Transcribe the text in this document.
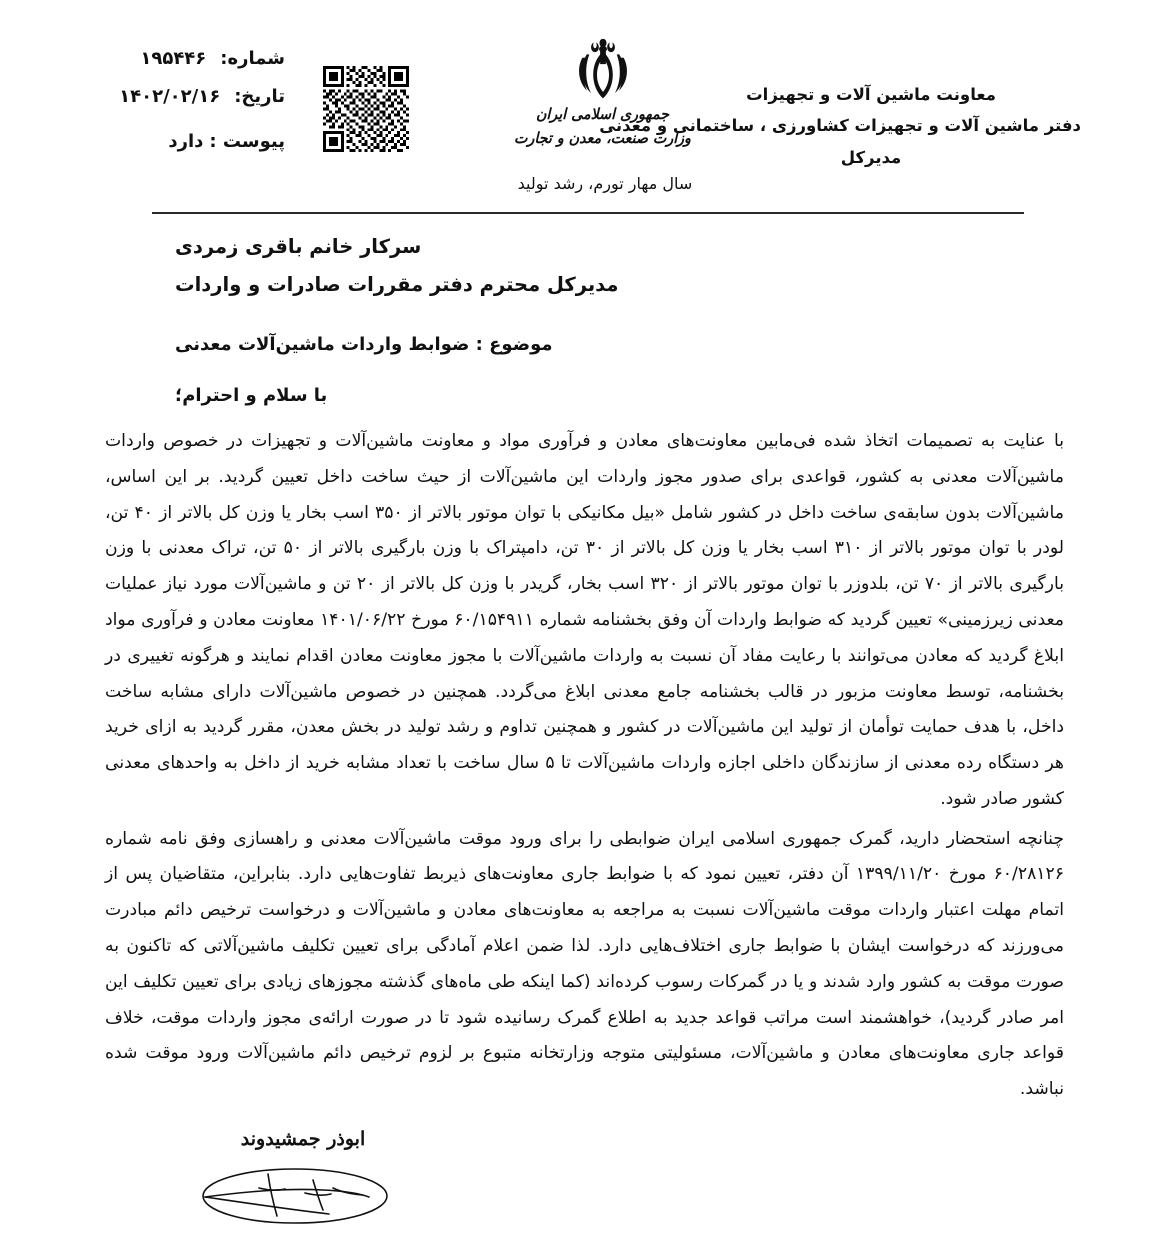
شماره:
۱۹۵۴۴۶
تاریخ:
۱۴۰۲/۰۲/۱۶
پیوست :
دارد
جمهوری اسلامی ایران
وزارت صنعت، معدن و تجارت
سال مهار تورم، رشد تولید
معاونت ماشین آلات و تجهیزات
دفتر ماشین آلات و تجهیزات کشاورزی ، ساختمانی و معدنی
مدیرکل
سرکار خانم باقری زمردی
مدیرکل محترم دفتر مقررات صادرات و واردات
موضوع : ضوابط واردات ماشین‌آلات معدنی
با سلام و احترام؛

با عنایت به تصمیمات اتخاذ شده فی‌مابین معاونت‌های معادن و فرآوری مواد و معاونت ماشین‌آلات و تجهیزات در خصوص واردات ماشین‌آلات معدنی به کشور، قواعدی برای صدور مجوز واردات این ماشین‌آلات از حیث ساخت داخل تعیین گردید. بر این اساس، ماشین‌آلات بدون سابقه‌ی ساخت داخل در کشور شامل «بیل مکانیکی با توان موتور بالاتر از ۳۵۰ اسب بخار یا وزن کل بالاتر از ۴۰ تن، لودر با توان موتور بالاتر از ۳۱۰ اسب بخار یا وزن کل بالاتر از ۳۰ تن، دامپتراک با وزن بارگیری بالاتر از ۵۰ تن، تراک معدنی با وزن بارگیری بالاتر از ۷۰ تن، بلدوزر با توان موتور بالاتر از ۳۲۰ اسب بخار، گریدر با وزن کل بالاتر از ۲۰ تن و ماشین‌آلات مورد نیاز عملیات معدنی زیرزمینی» تعیین گردید که ضوابط واردات آن وفق بخشنامه شماره ۶۰/۱۵۴۹۱۱ مورخ ۱۴۰۱/۰۶/۲۲ معاونت معادن و فرآوری مواد ابلاغ گردید که معادن می‌توانند با رعایت مفاد آن نسبت به واردات ماشین‌آلات با مجوز معاونت معادن اقدام نمایند و هرگونه تغییری در بخشنامه، توسط معاونت مزبور در قالب بخشنامه جامع معدنی ابلاغ می‌گردد. همچنین در خصوص ماشین‌آلات دارای مشابه ساخت داخل، با هدف حمایت توأمان از تولید این ماشین‌آلات در کشور و همچنین تداوم و رشد تولید در بخش معدن، مقرر گردید به ازای خرید هر دستگاه رده معدنی از سازندگان داخلی اجازه واردات ماشین‌آلات تا ۵ سال ساخت با تعداد مشابه خرید از داخل به واحدهای معدنی کشور صادر شود.

چنانچه استحضار دارید، گمرک جمهوری اسلامی ایران ضوابطی را برای ورود موقت ماشین‌آلات معدنی و راهسازی وفق نامه شماره ۶۰/۲۸۱۲۶ مورخ ۱۳۹۹/۱۱/۲۰ آن دفتر، تعیین نمود که با ضوابط جاری معاونت‌های ذیربط تفاوت‌هایی دارد. بنابراین، متقاضیان پس از اتمام مهلت اعتبار واردات موقت ماشین‌آلات نسبت به مراجعه به معاونت‌های معادن و ماشین‌آلات و درخواست ترخیص دائم مبادرت می‌ورزند که درخواست ایشان با ضوابط جاری اختلاف‌هایی دارد. لذا ضمن اعلام آمادگی برای تعیین تکلیف ماشین‌آلاتی که تاکنون به صورت موقت به کشور وارد شدند و یا در گمرکات رسوب کرده‌اند (کما اینکه طی ماه‌های گذشته مجوزهای زیادی برای تعیین تکلیف این امر صادر گردید)، خواهشمند است مراتب قواعد جدید به اطلاع گمرک رسانیده شود تا در صورت ارائه‌ی مجوز واردات موقت، خلاف قواعد جاری معاونت‌های معادن و ماشین‌آلات، مسئولیتی متوجه وزارتخانه متبوع بر لزوم ترخیص دائم ماشین‌آلات ورود موقت شده نباشد.

ابوذر جمشیدوند
